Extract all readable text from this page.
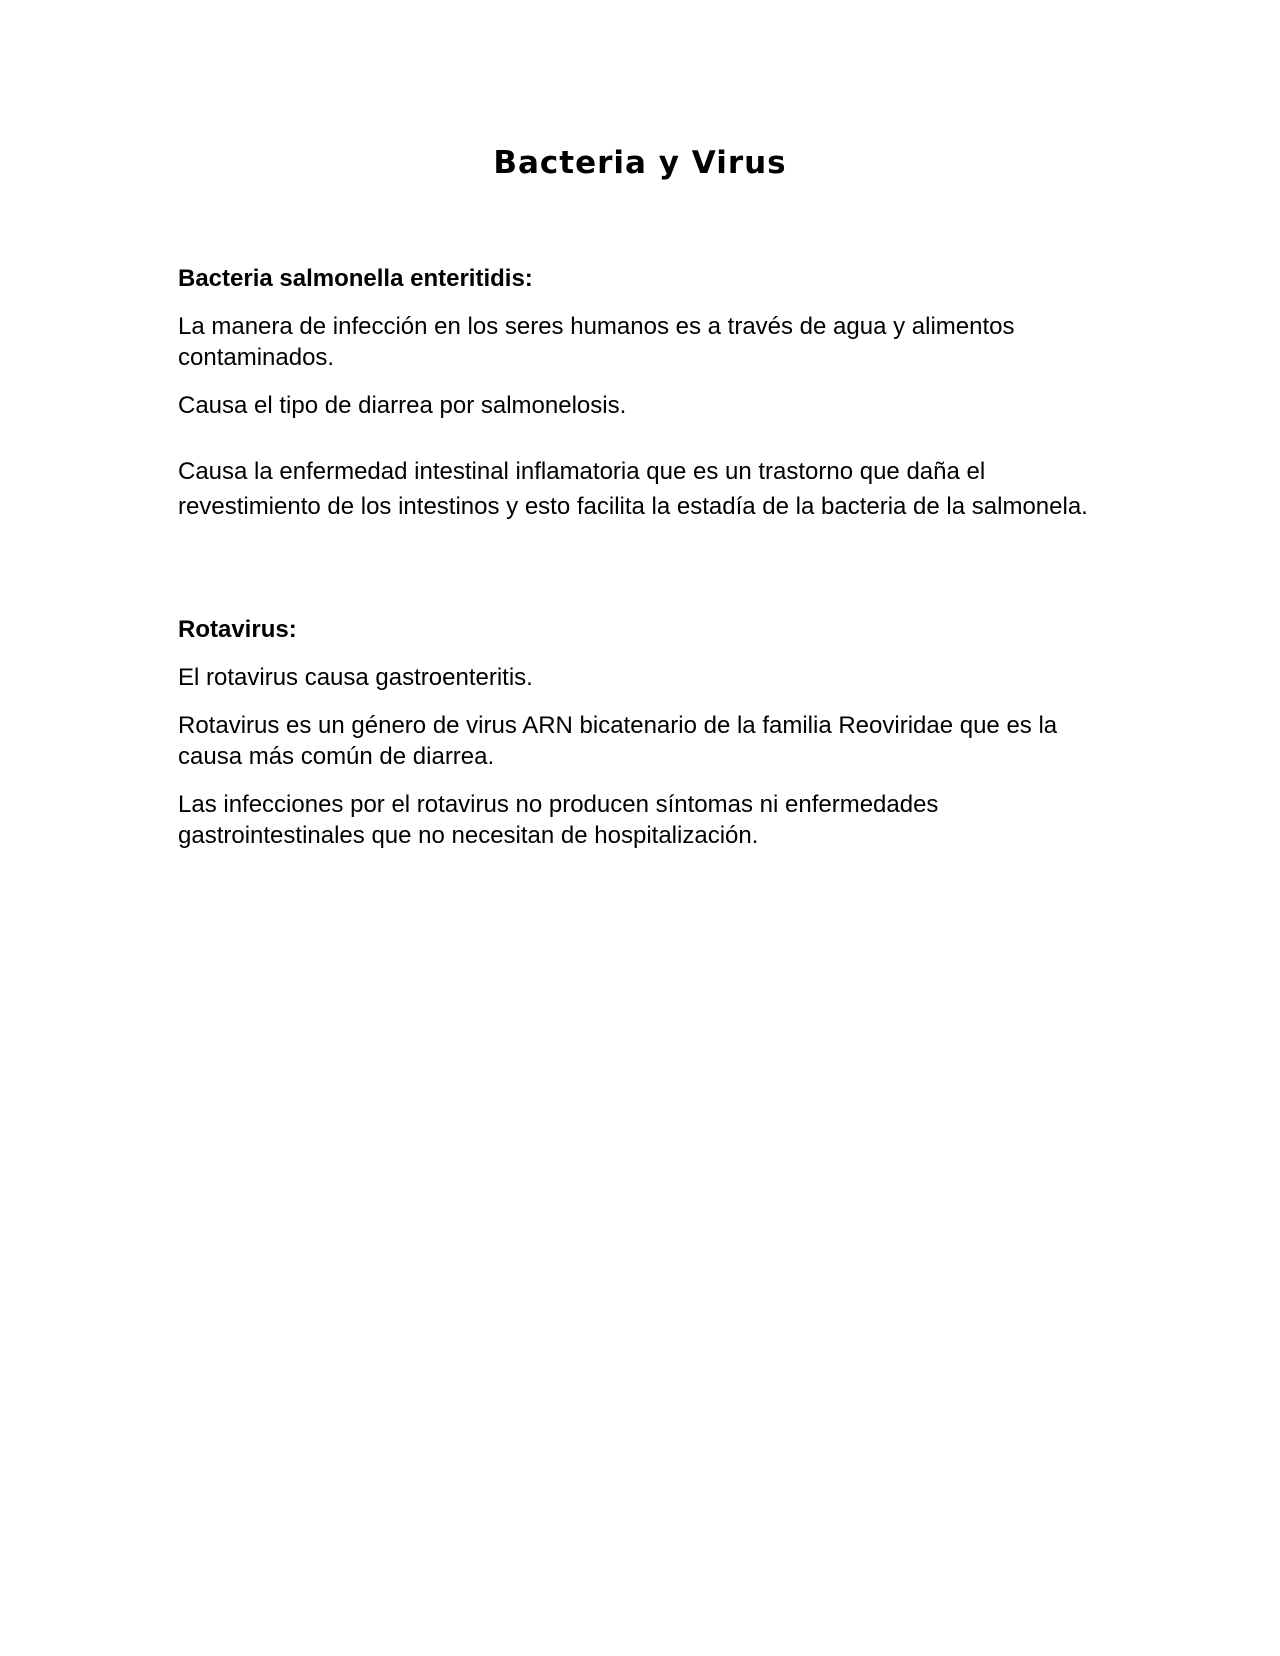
Bacteria y Virus

Bacteria salmonella enteritidis:

La manera de infección en los seres humanos es a través de agua y alimentos contaminados.

Causa el tipo de diarrea por salmonelosis.

Causa la enfermedad intestinal inflamatoria que es un trastorno que daña el revestimiento de los intestinos y esto facilita la estadía de la bacteria de la salmonela.

Rotavirus:

El rotavirus causa gastroenteritis.

Rotavirus es un género de virus ARN bicatenario de la familia Reoviridae que es la causa más común de diarrea.

Las infecciones por el rotavirus no producen síntomas ni enfermedades gastrointestinales que no necesitan de hospitalización.
